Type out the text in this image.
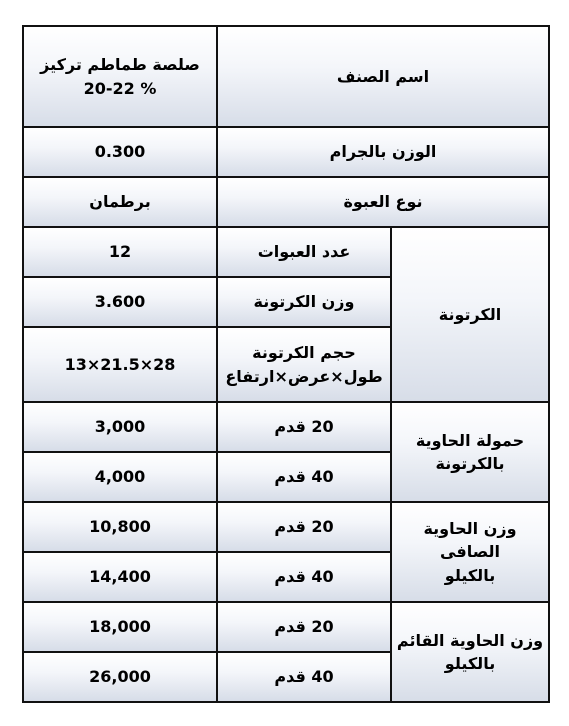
اسم الصنف		صلصة طماطم تركيز
20-22 %

الوزن بالجرام		0.300
نوع العبوة		برطمان
الكرتونة	عدد العبوات	12
	وزن الكرتونة	3.600

	حجم الكرتونة
طول×عرض×ارتفاع	13×21.5×28

حمولة الحاوية
بالكرتونة	20 قدم	3,000
	40 قدم	4,000

وزن الحاوية الصافى
بالكيلو	20 قدم	10,800
	40 قدم	14,400

وزن الحاوية القائم
بالكيلو	20 قدم	18,000
	40 قدم	26,000
